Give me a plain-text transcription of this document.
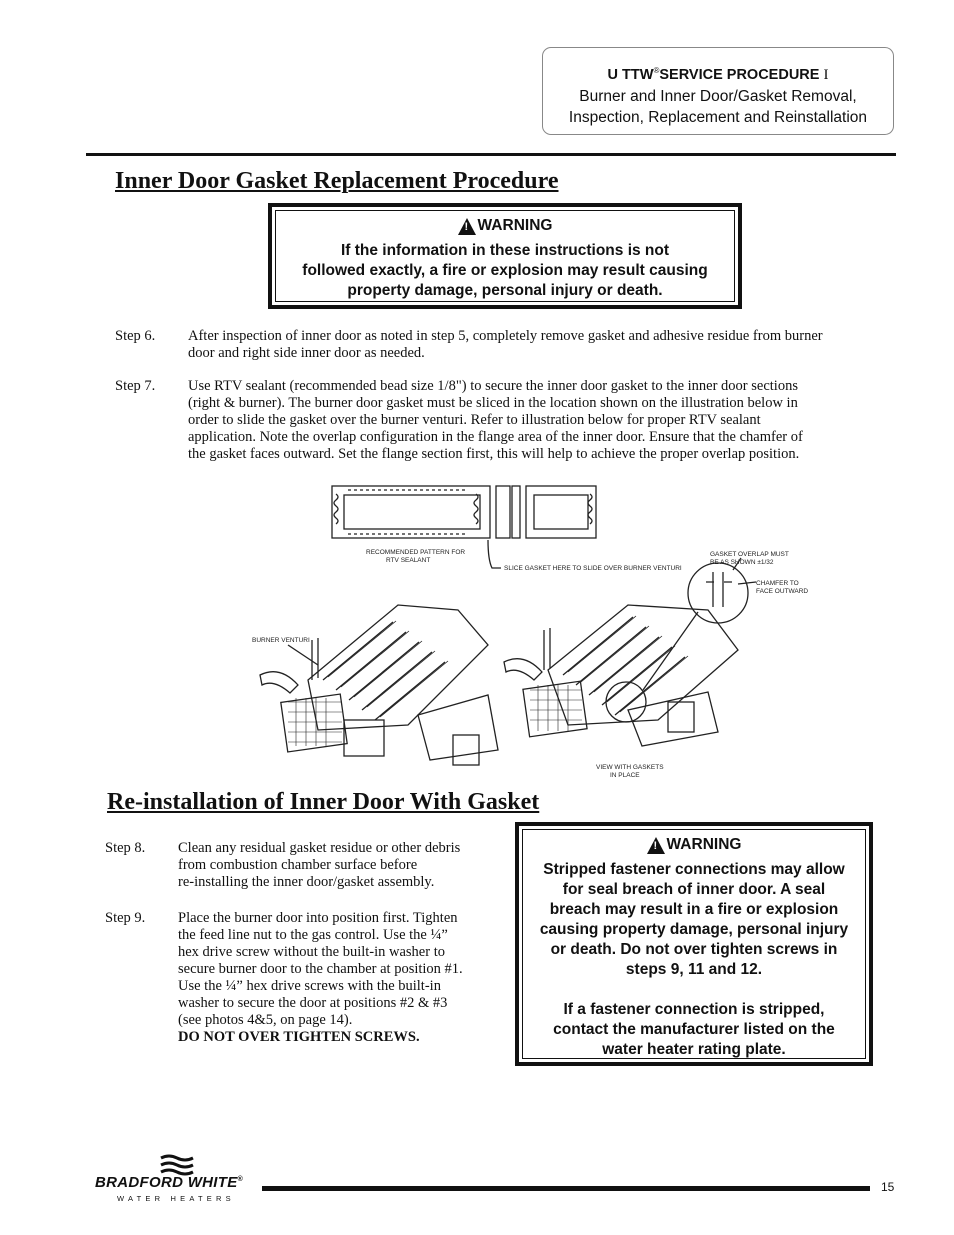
U TTW®SERVICE PROCEDURE I
Burner and Inner Door/Gasket Removal,
Inspection, Replacement and Reinstallation
Inner Door Gasket Replacement Procedure
! WARNING
If the information in these instructions is not
followed exactly, a fire or explosion may result causing
property damage, personal injury or death.
Step 6. After inspection of inner door as noted in step 5, completely remove gasket and adhesive residue from burner
door and right side inner door as needed.
Step 7. Use RTV sealant (recommended bead size 1/8") to secure the inner door gasket to the inner door sections
(right & burner). The burner door gasket must be sliced in the location shown on the illustration below in
order to slide the gasket over the burner venturi. Refer to illustration below for proper RTV sealant
application. Note the overlap configuration in the flange area of the inner door. Ensure that the chamfer of
the gasket faces outward. Set the flange section first, this will help to achieve the proper overlap position.
RECOMMENDED PATTERN FOR
RTV SEALANT
SLICE GASKET HERE TO SLIDE OVER BURNER VENTURI
GASKET OVERLAP MUST
BE AS SHOWN ±1/32
CHAMFER TO
FACE OUTWARD
BURNER VENTURI
VIEW WITH GASKETS
IN PLACE
Re-installation of Inner Door With Gasket
Step 8. Clean any residual gasket residue or other debris
from combustion chamber surface before
re-installing the inner door/gasket assembly.
Step 9. Place the burner door into position first. Tighten
the feed line nut to the gas control. Use the ¼”
hex drive screw without the built-in washer to
secure burner door to the chamber at position #1.
Use the ¼” hex drive screws with the built-in
washer to secure the door at positions #2 & #3
(see photos 4&5, on page 14).
DO NOT OVER TIGHTEN SCREWS.
! WARNING
Stripped fastener connections may allow
for seal breach of inner door. A seal
breach may result in a fire or explosion
causing property damage, personal injury
or death. Do not over tighten screws in
steps 9, 11 and 12.
If a fastener connection is stripped,
contact the manufacturer listed on the
water heater rating plate.
BRADFORD WHITE®
WATER HEATERS
15
